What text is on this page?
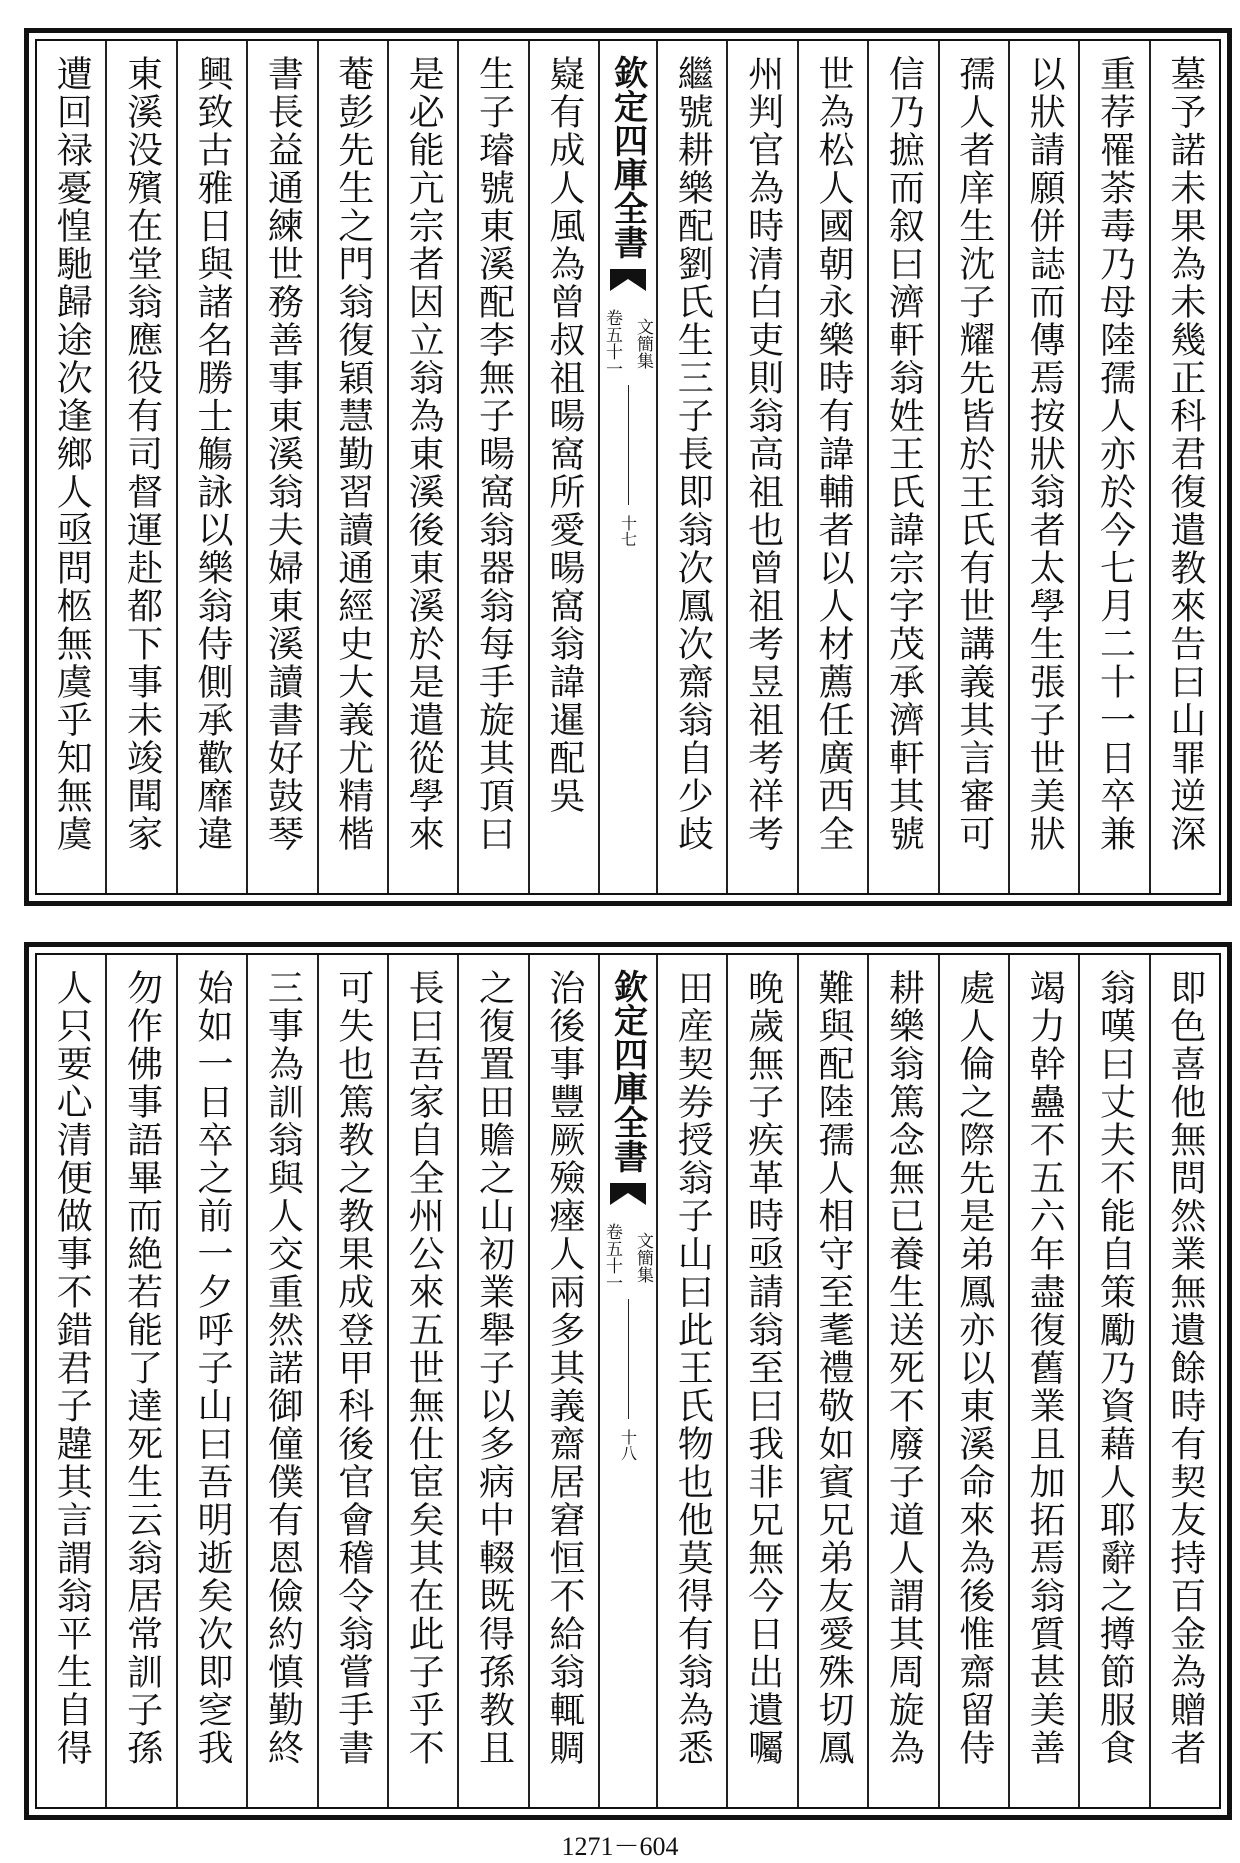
墓予諾未果為未幾正科君復遣教來告曰山罪逆深
重荐罹荼毒乃母陸孺人亦於今七月二十一日卒兼
以狀請願併誌而傳焉按狀翁者太學生張子世美狀
孺人者庠生沈子耀先皆於王氏有世講義其言審可
信乃摭而叙曰濟軒翁姓王氏諱宗字茂承濟軒其號
世為松人國朝永樂時有諱輔者以人材薦任廣西全
州判官為時清白吏則翁高祖也曾祖考昱祖考祥考
繼號耕樂配劉氏生三子長即翁次鳳次齋翁自少歧
欽定四庫全書
文簡集
卷五十一
十七
嶷有成人風為曾叔祖暘窩所愛暘窩翁諱暹配吳
生子璿號東溪配李無子暘窩翁器翁每手旋其頂曰
是必能亢宗者因立翁為東溪後東溪於是遣從學來
菴彭先生之門翁復穎慧勤習讀通經史大義尤精楷
書長益通練世務善事東溪翁夫婦東溪讀書好鼓琴
興致古雅日與諸名勝士觴詠以樂翁侍側承歡靡違
東溪没殯在堂翁應役有司督運赴都下事未竣聞家
遭回禄憂惶馳歸途次逢鄉人亟問柩無虞乎知無虞
即色喜他無問然業無遺餘時有契友持百金為贈者
翁嘆曰丈夫不能自策勵乃資藉人耶辭之撙節服食
竭力幹蠱不五六年盡復舊業且加拓焉翁質甚美善
處人倫之際先是弟鳳亦以東溪命來為後惟齋留侍
耕樂翁篤念無已養生送死不廢子道人謂其周旋為
難與配陸孺人相守至耄禮敬如賓兄弟友愛殊切鳳
晚歲無子疾革時亟請翁至曰我非兄無今日出遺囑
田産契券授翁子山曰此王氏物也他莫得有翁為悉
欽定四庫全書
文簡集
卷五十一
十八
治後事豐厥殮瘞人兩多其義齋居窘恒不給翁輒賙
之復置田贍之山初業舉子以多病中輟既得孫教且
長曰吾家自全州公來五世無仕宦矣其在此子乎不
可失也篤教之教果成登甲科後官會稽令翁嘗手書
三事為訓翁與人交重然諾御僮僕有恩儉約慎勤終
始如一日卒之前一夕呼子山曰吾明逝矣次即窆我
勿作佛事語畢而絶若能了達死生云翁居常訓子孫
人只要心清便做事不錯君子韙其言謂翁平生自得
1271－604
